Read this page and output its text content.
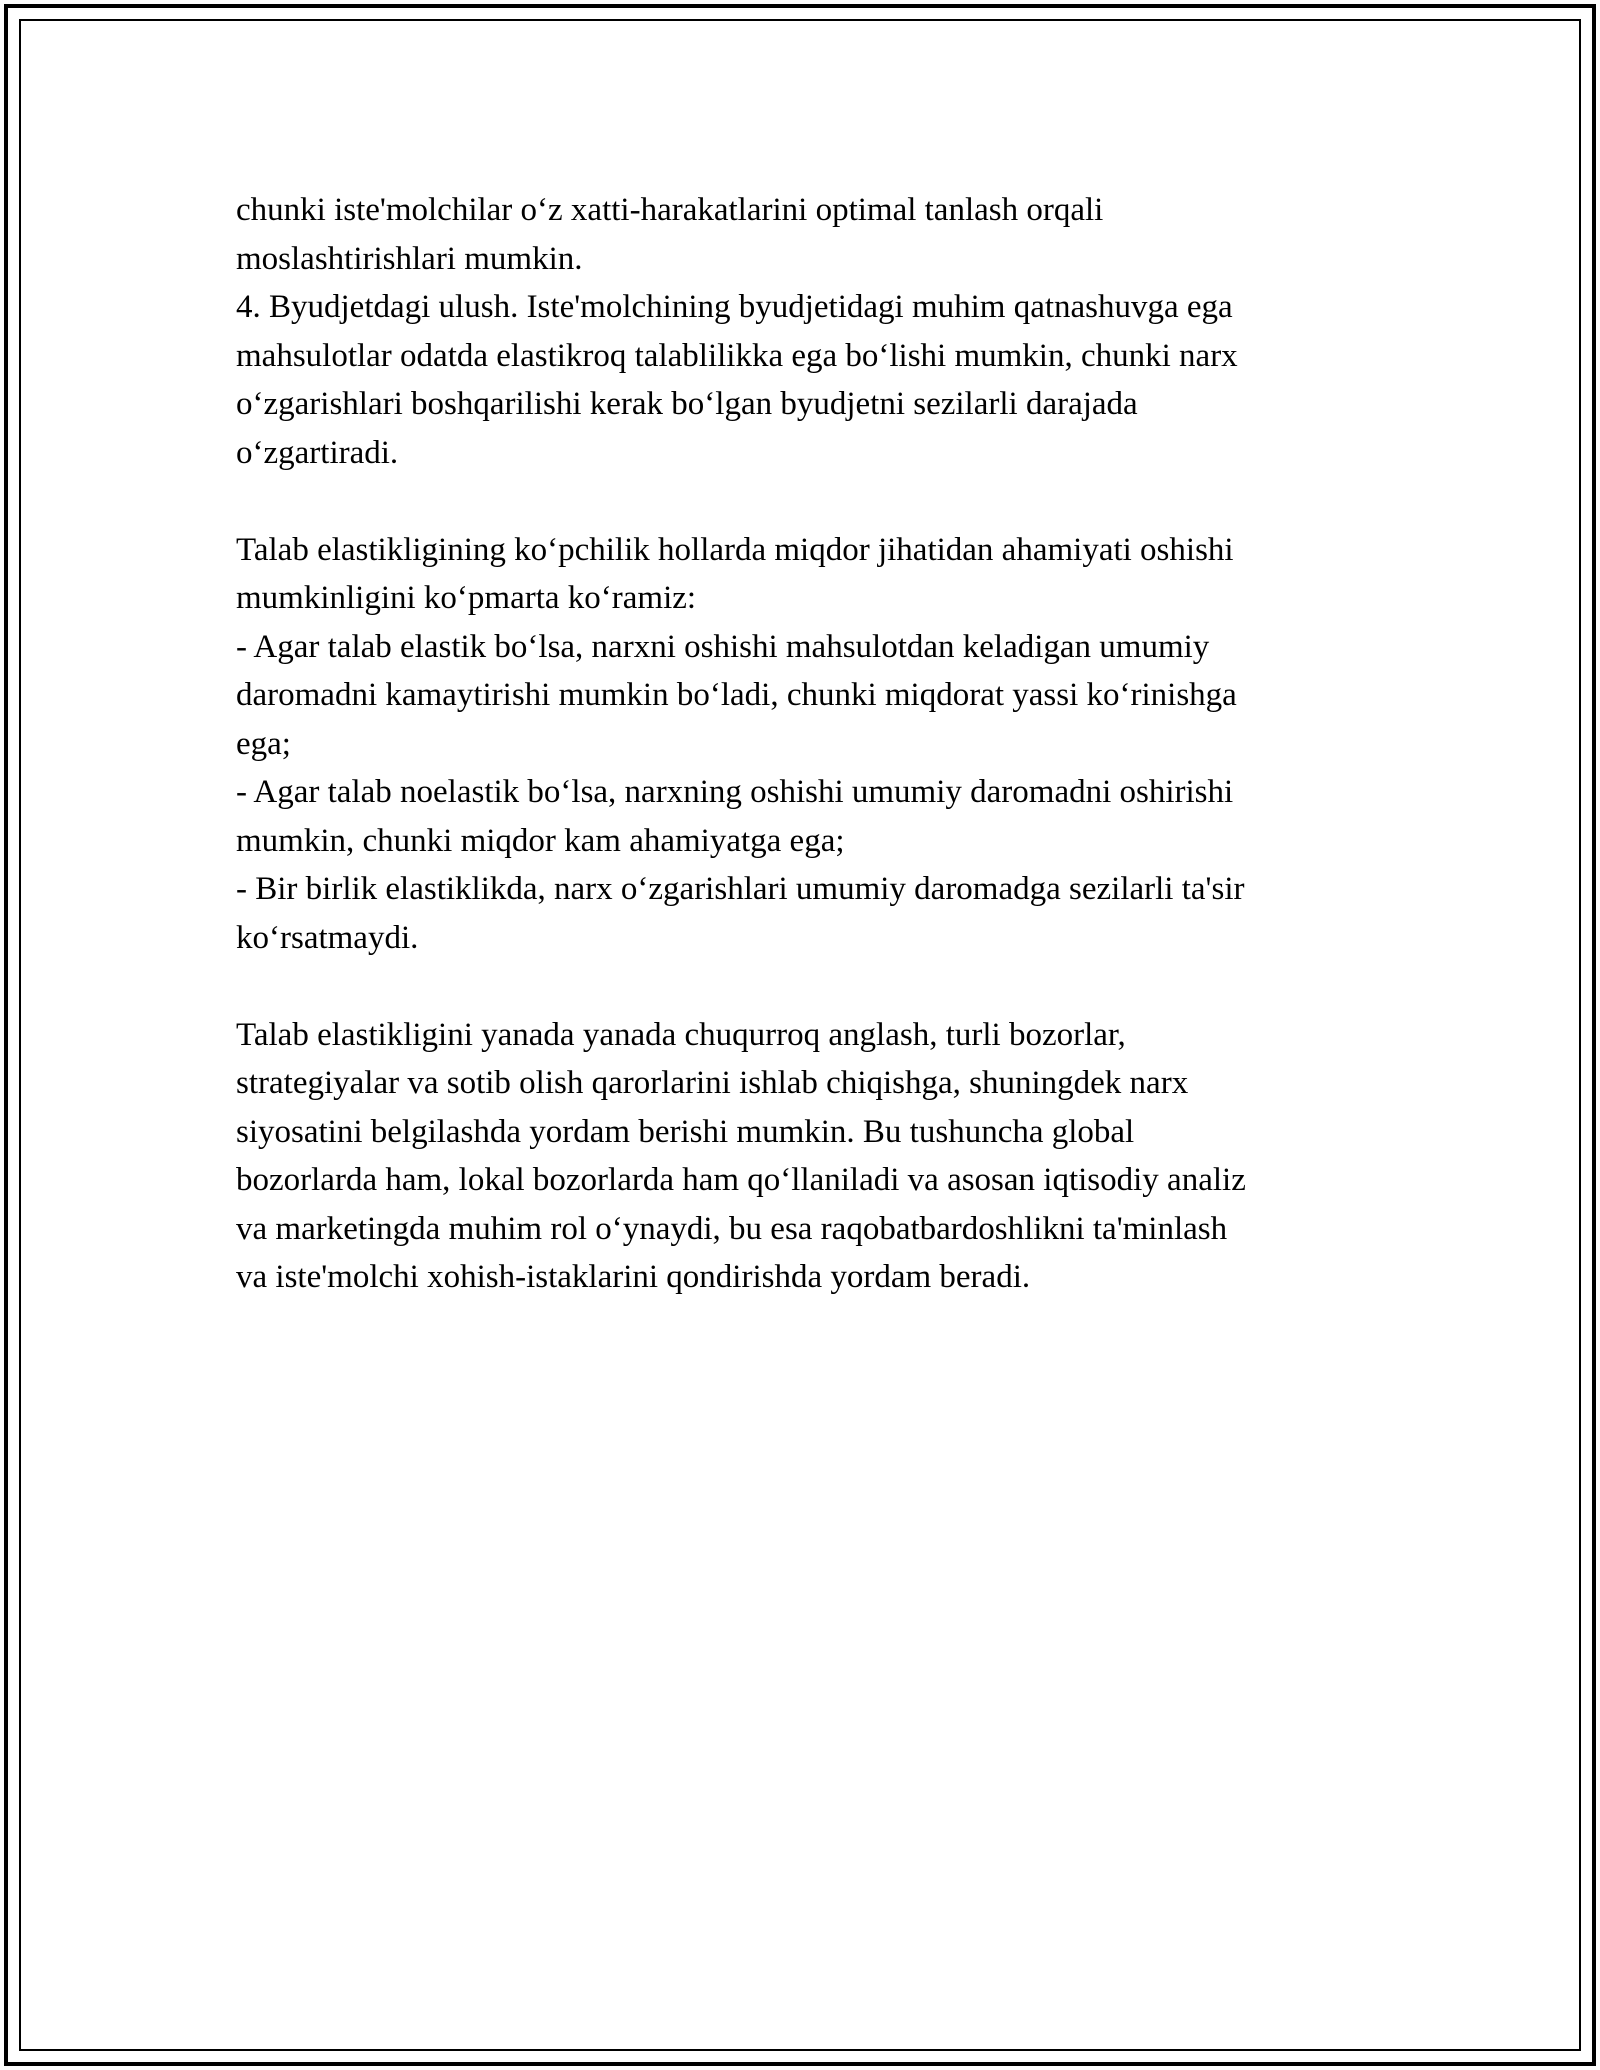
chunki iste'molchilar o‘z xatti-harakatlarini optimal tanlash orqali
moslashtirishlari mumkin.
4. Byudjetdagi ulush. Iste'molchining byudjetidagi muhim qatnashuvga ega
mahsulotlar odatda elastikroq talablilikka ega bo‘lishi mumkin, chunki narx
o‘zgarishlari boshqarilishi kerak bo‘lgan byudjetni sezilarli darajada
o‘zgartiradi.
Talab elastikligining ko‘pchilik hollarda miqdor jihatidan ahamiyati oshishi
mumkinligini ko‘pmarta ko‘ramiz:
- Agar talab elastik bo‘lsa, narxni oshishi mahsulotdan keladigan umumiy
daromadni kamaytirishi mumkin bo‘ladi, chunki miqdorat yassi ko‘rinishga
ega;
- Agar talab noelastik bo‘lsa, narxning oshishi umumiy daromadni oshirishi
mumkin, chunki miqdor kam ahamiyatga ega;
- Bir birlik elastiklikda, narx o‘zgarishlari umumiy daromadga sezilarli ta'sir
ko‘rsatmaydi.
Talab elastikligini yanada yanada chuqurroq anglash, turli bozorlar,
strategiyalar va sotib olish qarorlarini ishlab chiqishga, shuningdek narx
siyosatini belgilashda yordam berishi mumkin. Bu tushuncha global
bozorlarda ham, lokal bozorlarda ham qo‘llaniladi va asosan iqtisodiy analiz
va marketingda muhim rol o‘ynaydi, bu esa raqobatbardoshlikni ta'minlash
va iste'molchi xohish-istaklarini qondirishda yordam beradi.
